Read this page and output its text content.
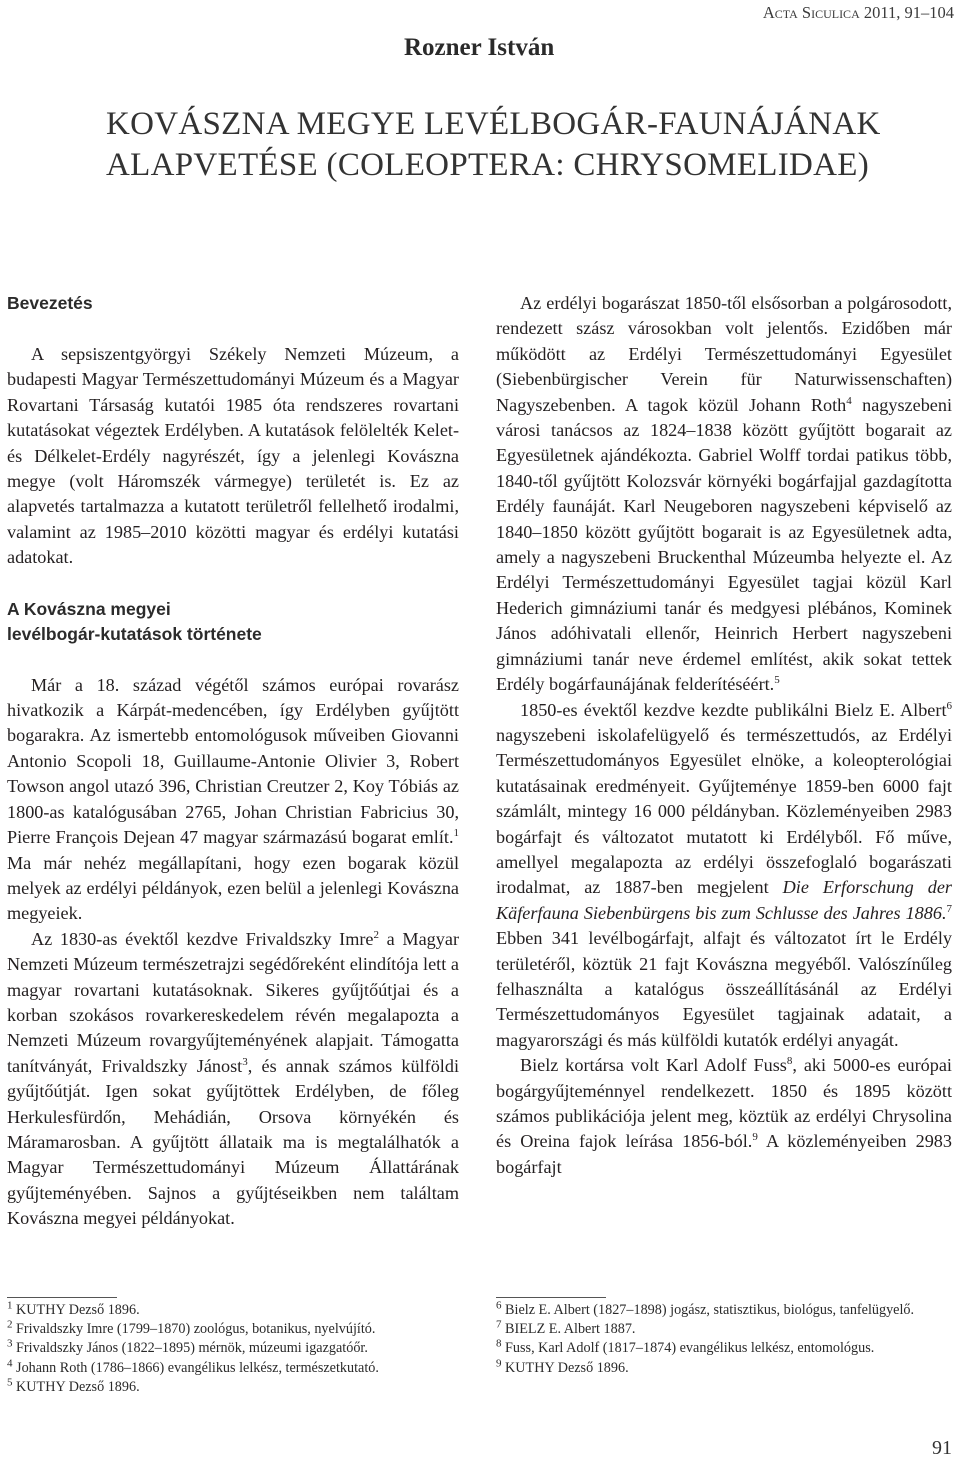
Acta Siculica 2011, 91–104
Rozner István
KOVÁSZNA MEGYE LEVÉLBOGÁR-FAUNÁJÁNAK
ALAPVETÉSE (COLEOPTERA: CHRYSOMELIDAE)
Bevezetés

A sepsiszentgyörgyi Székely Nemzeti Múzeum, a budapesti Magyar Természettudományi Múzeum és a Magyar Rovartani Társaság kutatói 1985 óta rendszeres rovartani kutatásokat végeztek Erdélyben. A kutatások felölelték Kelet- és Délkelet-Erdély nagyrészét, így a jelenlegi Kovászna megye (volt Háromszék vármegye) területét is. Ez az alapvetés tartalmazza a kutatott területről fellelhető irodalmi, valamint az 1985–2010 közötti magyar és erdélyi kutatási adatokat.

A Kovászna megyei
levélbogár-kutatások története

Már a 18. század végétől számos európai rovarász hivatkozik a Kárpát-medencében, így Erdélyben gyűjtött bogarakra. Az ismertebb entomológusok műveiben Giovanni Antonio Scopoli 18, Guillaume-Antonie Olivier 3, Robert Towson angol utazó 396, Christian Creutzer 2, Koy Tóbiás az 1800-as katalógusában 2765, Johan Christian Fabricius 30, Pierre François Dejean 47 magyar származású bogarat említ.$^1$ Ma már nehéz megállapítani, hogy ezen bogarak közül melyek az erdélyi példányok, ezen belül a jelenlegi Kovászna megyeiek.

Az 1830-as évektől kezdve Frivaldszky Imre$^2$ a Magyar Nemzeti Múzeum természetrajzi segédőreként elindítója lett a magyar rovartani kutatásoknak. Sikeres gyűjtőútjai és a korban szokásos rovarkereskedelem révén megalapozta a Nemzeti Múzeum rovargyűjteményének alapjait. Támogatta tanítványát, Frivaldszky Jánost$^3$, és annak számos külföldi gyűjtőútját. Igen sokat gyűjtöttek Erdélyben, de főleg Herkulesfürdőn, Mehádián, Orsova környékén és Máramarosban. A gyűjtött állataik ma is megtalálhatók a Magyar Természettudományi Múzeum Állattárának gyűjteményében. Sajnos a gyűjtéseikben nem találtam Kovászna megyei példányokat.

Az erdélyi bogarászat 1850-től elsősorban a polgárosodott, rendezett szász városokban volt jelentős. Ezidőben már működött az Erdélyi Természettudományi Egyesület (Siebenbürgischer Verein für Naturwissenschaften) Nagyszebenben. A tagok közül Johann Roth$^4$ nagyszebeni városi tanácsos az 1824–1838 között gyűjtött bogarait az Egyesületnek ajándékozta. Gabriel Wolff tordai patikus több, 1840-től gyűjtött Kolozsvár környéki bogárfajjal gazdagította Erdély faunáját. Karl Neugeboren nagyszebeni képviselő az 1840–1850 között gyűjtött bogarait is az Egyesületnek adta, amely a nagyszebeni Bruckenthal Múzeumba helyezte el. Az Erdélyi Természettudományi Egyesület tagjai közül Karl Hederich gimnáziumi tanár és medgyesi plébános, Kominek János adóhivatali ellenőr, Heinrich Herbert nagyszebeni gimnáziumi tanár neve érdemel említést, akik sokat tettek Erdély bogárfaunájának felderítéséért.$^5$

1850-es évektől kezdve kezdte publikálni Bielz E. Albert$^6$ nagyszebeni iskolafelügyelő és természettudós, az Erdélyi Természettudományos Egyesület elnöke, a koleopterológiai kutatásainak eredményeit. Gyűjteménye 1859-ben 6000 fajt számlált, mintegy 16 000 példányban. Közleményeiben 2983 bogárfajt és változatot mutatott ki Erdélyből. Fő műve, amellyel megalapozta az erdélyi összefoglaló bogarászati irodalmat, az 1887-ben megjelent Die Erforschung der Käferfauna Siebenbürgens bis zum Schlusse des Jahres 1886.$^7$ Ebben 341 levélbogárfajt, alfajt és változatot írt le Erdély területéről, köztük 21 fajt Kovászna megyéből. Valószínűleg felhasználta a katalógus összeállításánál az Erdélyi Természettudományos Egyesület tagjainak adatait, a magyarországi és más külföldi kutatók erdélyi anyagát.

Bielz kortársa volt Karl Adolf Fuss$^8$, aki 5000-es európai bogárgyűjteménnyel rendelkezett. 1850 és 1895 között számos publikációja jelent meg, köztük az erdélyi Chrysolina és Oreina fajok leírása 1856-ból.$^9$ A közleményeiben 2983 bogárfajt

$^1$ KUTHY Dezső 1896.

$^2$ Frivaldszky Imre (1799–1870) zoológus, botanikus, nyelvújító.

$^3$ Frivaldszky János (1822–1895) mérnök, múzeumi igazgatóőr.

$^4$ Johann Roth (1786–1866) evangélikus lelkész, természetkutató.

$^5$ KUTHY Dezső 1896.

$^6$ Bielz E. Albert (1827–1898) jogász, statisztikus, biológus, tanfelügyelő.

$^7$ BIELZ E. Albert 1887.

$^8$ Fuss, Karl Adolf (1817–1874) evangélikus lelkész, entomológus.

$^9$ KUTHY Dezső 1896.

91
